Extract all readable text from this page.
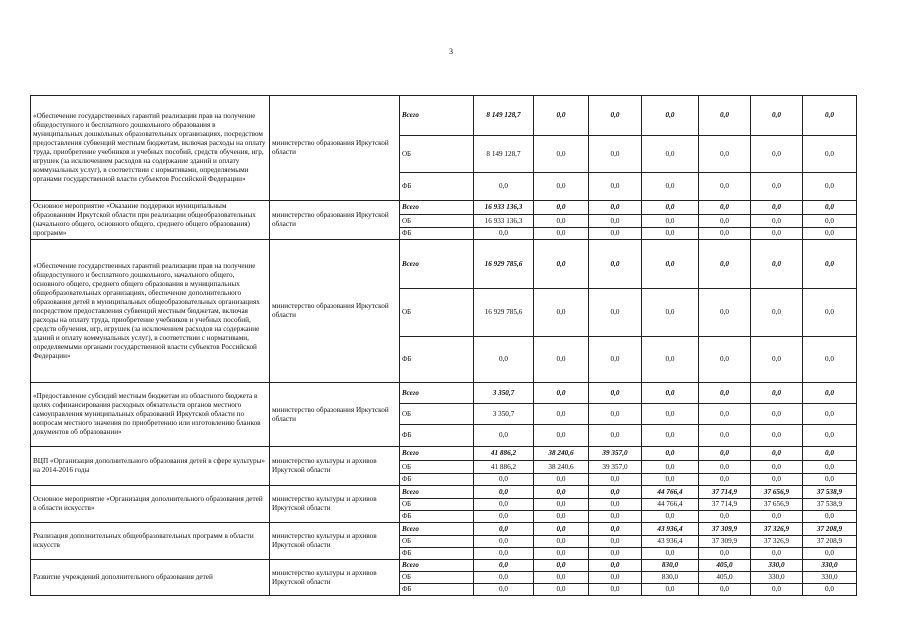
3
«Обеспечение государственных гарантий реализации прав на получение общедоступного и бесплатного дошкольного образования в муниципальных дошкольных образовательных организациях, посредством предоставления субвенций местным бюджетам, включая расходы на оплату труда, приобретение учебников и учебных пособий, средств обучения, игр, игрушек (за исключением расходов на содержание зданий и оплату коммунальных услуг), в соответствии с нормативами, определяемыми органами государственной власти субъектов Российской Федерации»	министерство образования Иркутской области	Всего	8 149 128,7	0,0	0,0	0,0	0,0	0,0	0,0
		ОБ	8 149 128,7	0,0	0,0	0,0	0,0	0,0	0,0
		ФБ	0,0	0,0	0,0	0,0	0,0	0,0	0,0
Основное мероприятие «Оказание поддержки муниципальным образованиям Иркутской области при реализации общеобразовательных (начального общего, основного общего, среднего общего образования) программ»	министерство образования Иркутской области	Всего	16 933 136,3	0,0	0,0	0,0	0,0	0,0	0,0
		ОБ	16 933 136,3	0,0	0,0	0,0	0,0	0,0	0,0
		ФБ	0,0	0,0	0,0	0,0	0,0	0,0	0,0
«Обеспечение государственных гарантий реализации прав на получение общедоступного и бесплатного дошкольного, начального общего, основного общего, среднего общего образования в муниципальных общеобразовательных организациях, обеспечение дополнительного образования детей в муниципальных общеобразовательных организациях посредством предоставления субвенций местным бюджетам, включая расходы на оплату труда, приобретение учебников и учебных пособий, средств обучения, игр, игрушек (за исключением расходов на содержание зданий и оплату коммунальных услуг), в соответствии с нормативами, определяемыми органами государственной власти субъектов Российской Федерации»	министерство образования Иркутской области	Всего	16 929 785,6	0,0	0,0	0,0	0,0	0,0	0,0
		ОБ	16 929 785,6	0,0	0,0	0,0	0,0	0,0	0,0
		ФБ	0,0	0,0	0,0	0,0	0,0	0,0	0,0
«Предоставление субсидий местным бюджетам из областного бюджета в целях софинансирования расходных обязательств органов местного самоуправления муниципальных образований Иркутской области по вопросам местного значения по приобретению или изготовлению бланков документов об образовании»	министерство образования Иркутской области	Всего	3 350,7	0,0	0,0	0,0	0,0	0,0	0,0
		ОБ	3 350,7	0,0	0,0	0,0	0,0	0,0	0,0
		ФБ	0,0	0,0	0,0	0,0	0,0	0,0	0,0
ВЦП «Организация дополнительного образования детей в сфере культуры» на 2014-2016 годы	министерство культуры и архивов Иркутской области	Всего	41 886,2	38 240,6	39 357,0	0,0	0,0	0,0	0,0
		ОБ	41 886,2	38 240,6	39 357,0	0,0	0,0	0,0	0,0
		ФБ	0,0	0,0	0,0	0,0	0,0	0,0	0,0
Основное мероприятие «Организация дополнительного образования детей в области искусств»	министерство культуры и архивов Иркутской области	Всего	0,0	0,0	0,0	44 766,4	37 714,9	37 656,9	37 538,9
		ОБ	0,0	0,0	0,0	44 766,4	37 714,9	37 656,9	37 538,9
		ФБ	0,0	0,0	0,0	0,0	0,0	0,0	0,0
Реализация дополнительных общеобразовательных программ в области искусств	министерство культуры и архивов Иркутской области	Всего	0,0	0,0	0,0	43 936,4	37 309,9	37 326,9	37 208,9
		ОБ	0,0	0,0	0,0	43 936,4	37 309,9	37 326,9	37 208,9
		ФБ	0,0	0,0	0,0	0,0	0,0	0,0	0,0
Развитие учреждений дополнительного образования детей	министерство культуры и архивов Иркутской области	Всего	0,0	0,0	0,0	830,0	405,0	330,0	330,0
		ОБ	0,0	0,0	0,0	830,0	405,0	330,0	330,0
		ФБ	0,0	0,0	0,0	0,0	0,0	0,0	0,0
